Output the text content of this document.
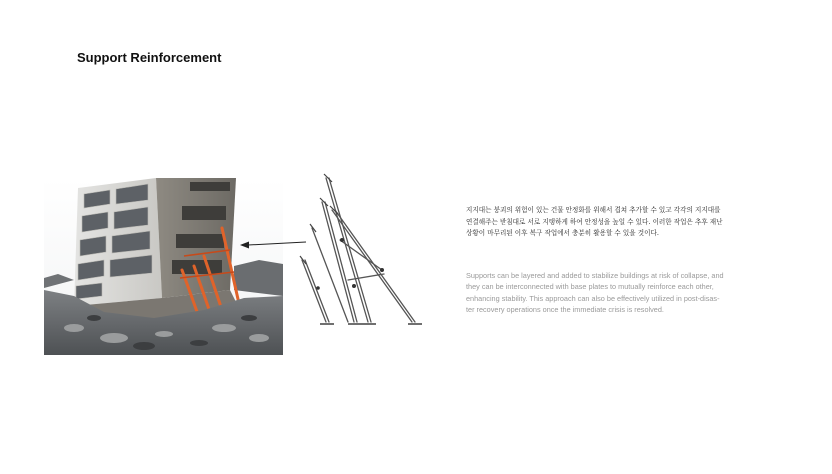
Support Reinforcement
지지대는 붕괴의 위험이 있는 건물 안정화를 위해서 겹쳐 추가할 수 있고 각각의 지지대를
연결해주는 받침대로 서로 지탱하게 하여 안정성을 높일 수 있다. 이러한 작업은 추후 재난
상황이 마무리된 이후 복구 작업에서 충분히 활용할 수 있을 것이다.
Supports can be layered and added to stabilize buildings at risk of collapse, and
they can be interconnected with base plates to mutually reinforce each other,
enhancing stability. This approach can also be effectively utilized in post-disas-
ter recovery operations once the immediate crisis is resolved.
